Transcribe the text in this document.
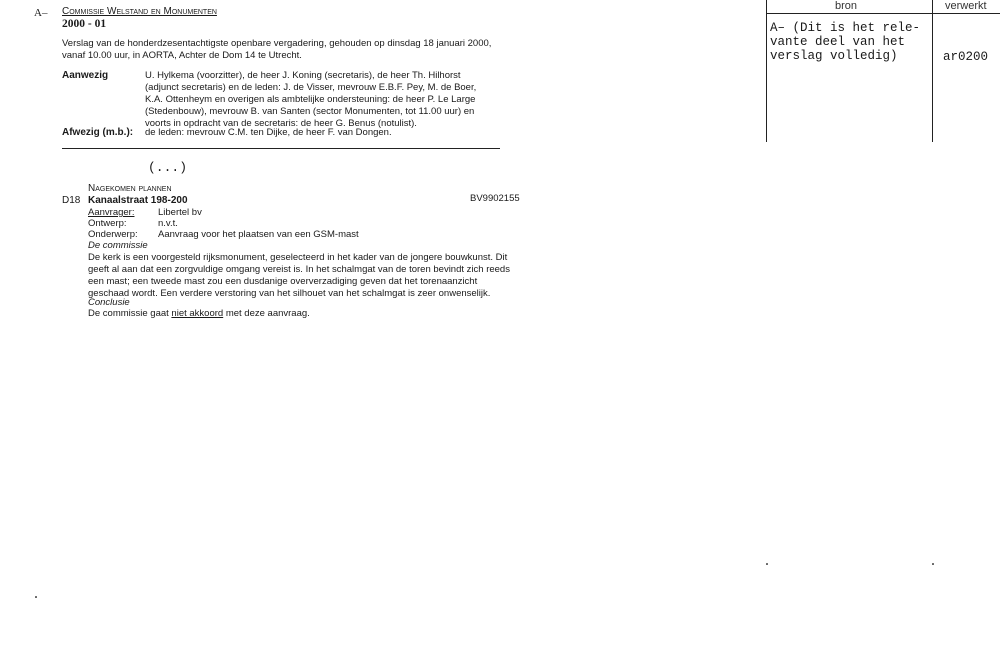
A– Commissie Welstand en Monumenten
2000 - 01
Verslag van de honderdzesentachtigste openbare vergadering, gehouden op dinsdag 18 januari 2000,
vanaf 10.00 uur, in AORTA, Achter de Dom 14 te Utrecht.
Aanwezig	U. Hylkema (voorzitter), de heer J. Koning (secretaris), de heer Th. Hilhorst
(adjunct secretaris) en de leden: J. de Visser, mevrouw E.B.F. Pey, M. de Boer,
K.A. Ottenheym en overigen als ambtelijke ondersteuning: de heer P. Le Large
(Stedenbouw), mevrouw B. van Santen (sector Monumenten, tot 11.00 uur) en
voorts in opdracht van de secretaris: de heer G. Benus (notulist).
Afwezig (m.b.): de leden: mevrouw C.M. ten Dijke, de heer F. van Dongen.
(...)
Nagekomen plannen
D18 Kanaalstraat 198-200	BV9902155
Aanvrager: Libertel bv
Ontwerp:	n.v.t.
Onderwerp: Aanvraag voor het plaatsen van een GSM-mast
De commissie
De kerk is een voorgesteld rijksmonument, geselecteerd in het kader van de jongere bouwkunst. Dit
geeft al aan dat een zorgvuldige omgang vereist is. In het schalmgat van de toren bevindt zich reeds
een mast; een tweede mast zou een dusdanige oververzadiging geven dat het torenaanzicht
geschaad wordt. Een verdere verstoring van het silhouet van het schalmgat is zeer onwenselijk.
Conclusie
De commissie gaat niet akkoord met deze aanvraag.
bron	verwerkt
A– (Dit is het rele-
vante deel van het
verslag volledig)	ar0200
